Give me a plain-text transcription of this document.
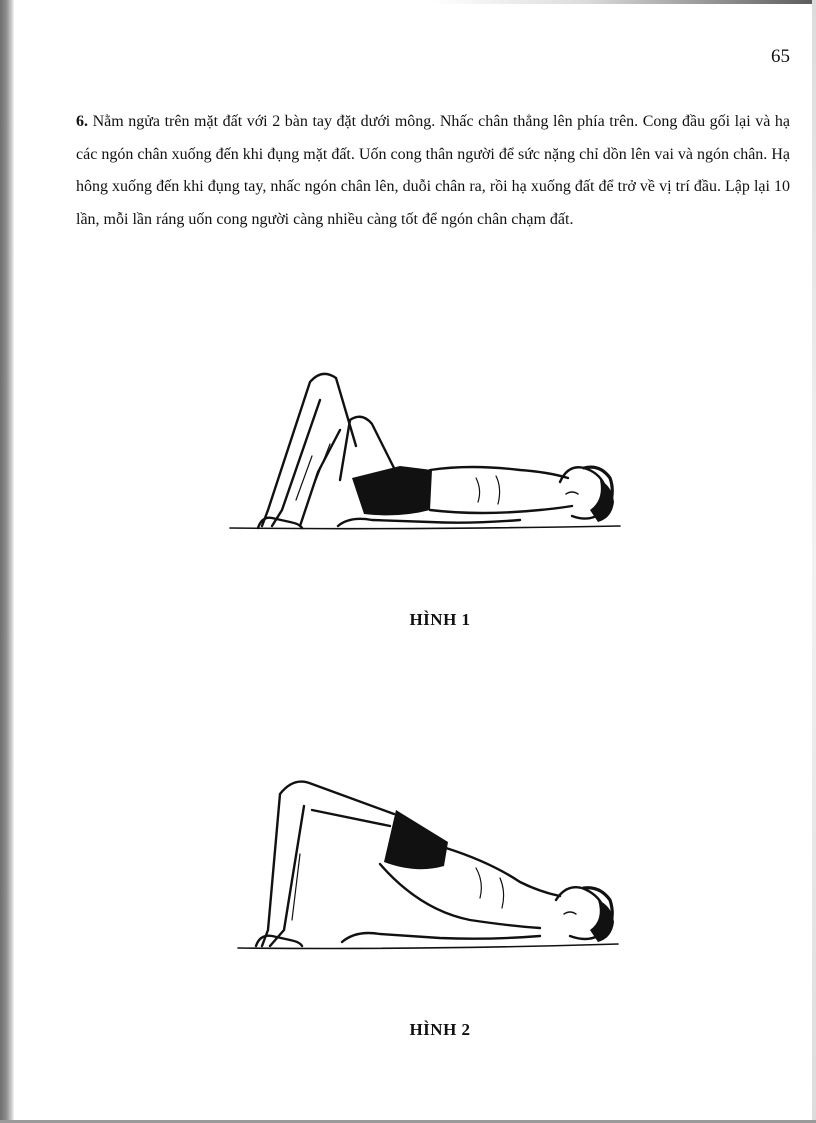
65

6. Nằm ngửa trên mặt đất với 2 bàn tay đặt dưới mông. Nhấc chân thẳng lên phía trên. Cong đầu gối lại và hạ các ngón chân xuống đến khi đụng mặt đất. Uốn cong thân người để sức nặng chỉ dồn lên vai và ngón chân. Hạ hông xuống đến khi đụng tay, nhấc ngón chân lên, duỗi chân ra, rồi hạ xuống đất để trở về vị trí đầu. Lập lại 10 lần, mỗi lần ráng uốn cong người càng nhiều càng tốt để ngón chân chạm đất.

HÌNH 1
HÌNH 2
